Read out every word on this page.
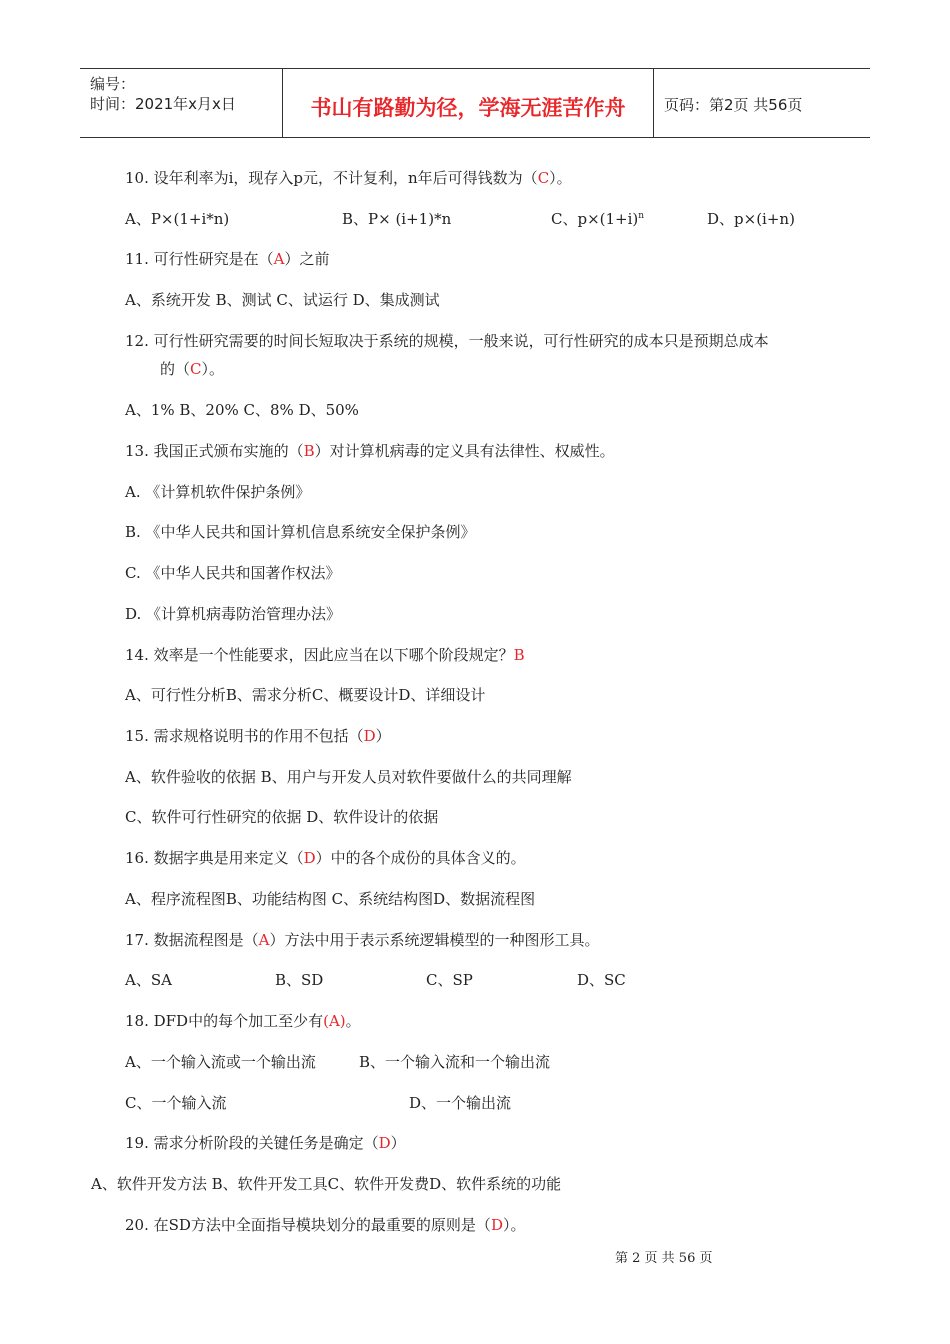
编号：
时间：2021年x月x日	书山有路勤为径，学海无涯苦作舟	页码：第2页 共56页
10. 设年利率为i，现存入p元，不计复利，n年后可得钱数为（C）。
A、P×(1+i*n)	B、P× (i+1)*n	C、$p\times(1+i)^n$	D、p×(i+n)
11. 可行性研究是在（A）之前
A、系统开发 B、测试 C、试运行 D、集成测试
12. 可行性研究需要的时间长短取决于系统的规模，一般来说，可行性研究的成本只是预期总成本
的（C）。
A、1% B、20% C、8% D、50%
13. 我国正式颁布实施的（B）对计算机病毒的定义具有法律性、权威性。
A. 《计算机软件保护条例》
B. 《中华人民共和国计算机信息系统安全保护条例》
C. 《中华人民共和国著作权法》
D. 《计算机病毒防治管理办法》
14. 效率是一个性能要求，因此应当在以下哪个阶段规定？B
A、可行性分析B、需求分析C、概要设计D、详细设计
15. 需求规格说明书的作用不包括（D）
A、软件验收的依据 B、用户与开发人员对软件要做什么的共同理解
C、软件可行性研究的依据 D、软件设计的依据
16. 数据字典是用来定义（D）中的各个成份的具体含义的。
A、程序流程图B、功能结构图 C、系统结构图D、数据流程图
17. 数据流程图是（A）方法中用于表示系统逻辑模型的一种图形工具。
A、SA	B、SD	C、SP	D、SC
18. DFD中的每个加工至少有(A)。
A、一个输入流或一个输出流	B、一个输入流和一个输出流
C、一个输入流	D、一个输出流
19. 需求分析阶段的关键任务是确定（D）
A、软件开发方法 B、软件开发工具C、软件开发费D、软件系统的功能
20. 在SD方法中全面指导模块划分的最重要的原则是（D）。
第 2 页 共 56 页
